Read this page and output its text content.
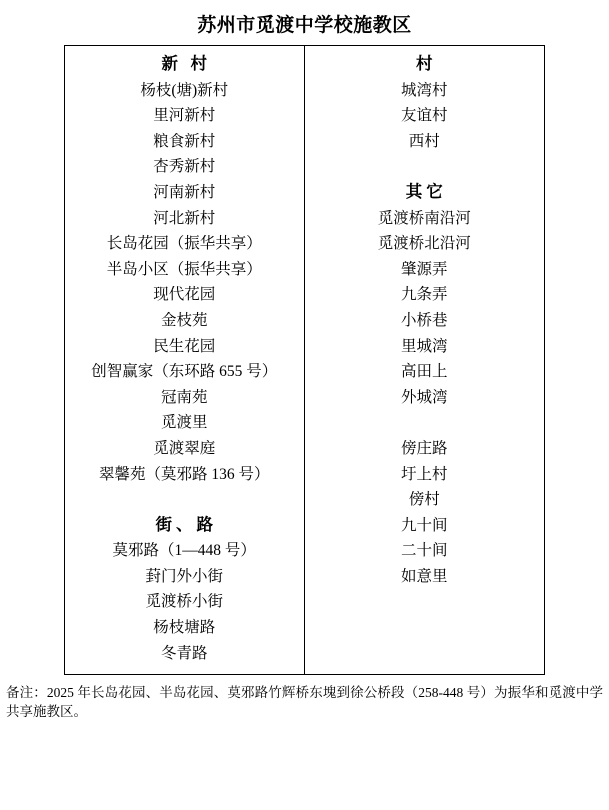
苏州市觅渡中学校施教区
新 村
杨枝(塘)新村
里河新村
粮食新村
杏秀新村
河南新村
河北新村
长岛花园（振华共享）
半岛小区（振华共享）
现代花园
金枝苑
民生花园
创智赢家（东环路 655 号）
冠南苑
觅渡里
觅渡翠庭
翠馨苑（莫邪路 136 号）
街、路
莫邪路（1—448 号）
葑门外小街
觅渡桥小街
杨枝塘路
冬青路
村
城湾村
友谊村
西村
其它
觅渡桥南沿河
觅渡桥北沿河
肇源弄
九条弄
小桥巷
里城湾
高田上
外城湾
傍庄路
圩上村
傍村
九十间
二十间
如意里
备注：2025 年长岛花园、半岛花园、莫邪路竹辉桥东塊到徐公桥段（258-448 号）为振华和觅渡中学共享施教区。
